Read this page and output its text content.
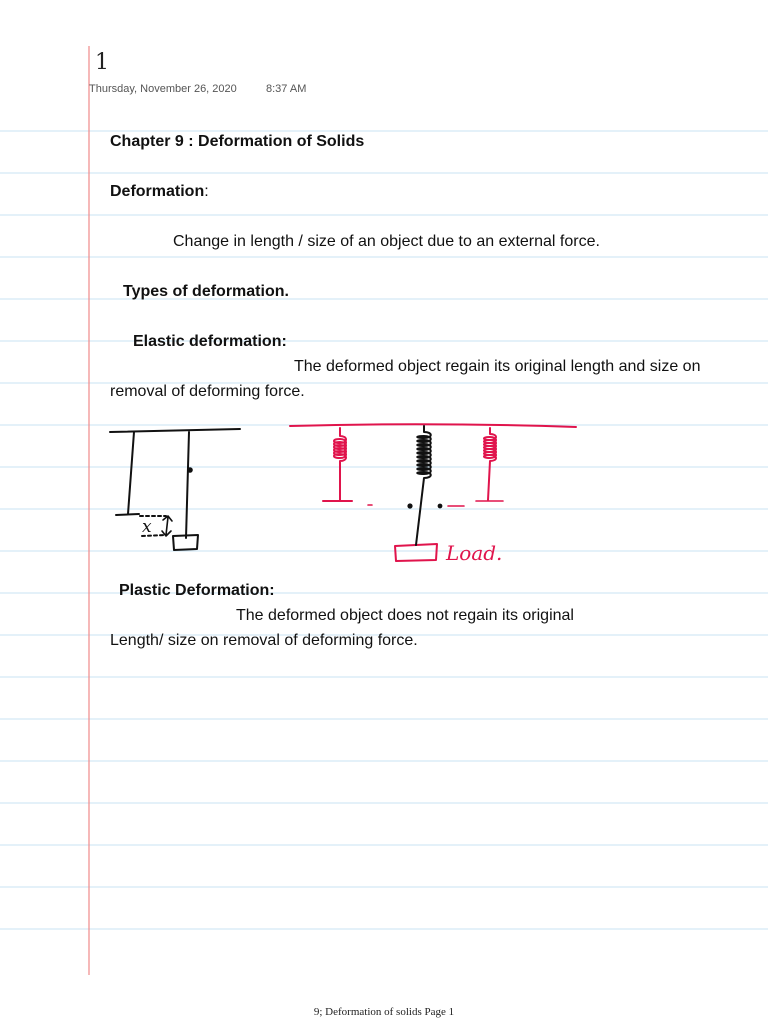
1
Thursday, November 26, 2020	8:37 AM
Chapter 9 : Deformation of Solids
Deformation:
Change in length / size of an object due to an external force.
Types of deformation.
Elastic deformation:
The deformed object regain its original length and size on
removal of deforming force.
x
Load.
Plastic Deformation:
The deformed object does not regain its original
Length/ size on removal of deforming force.
9; Deformation of solids Page 1
